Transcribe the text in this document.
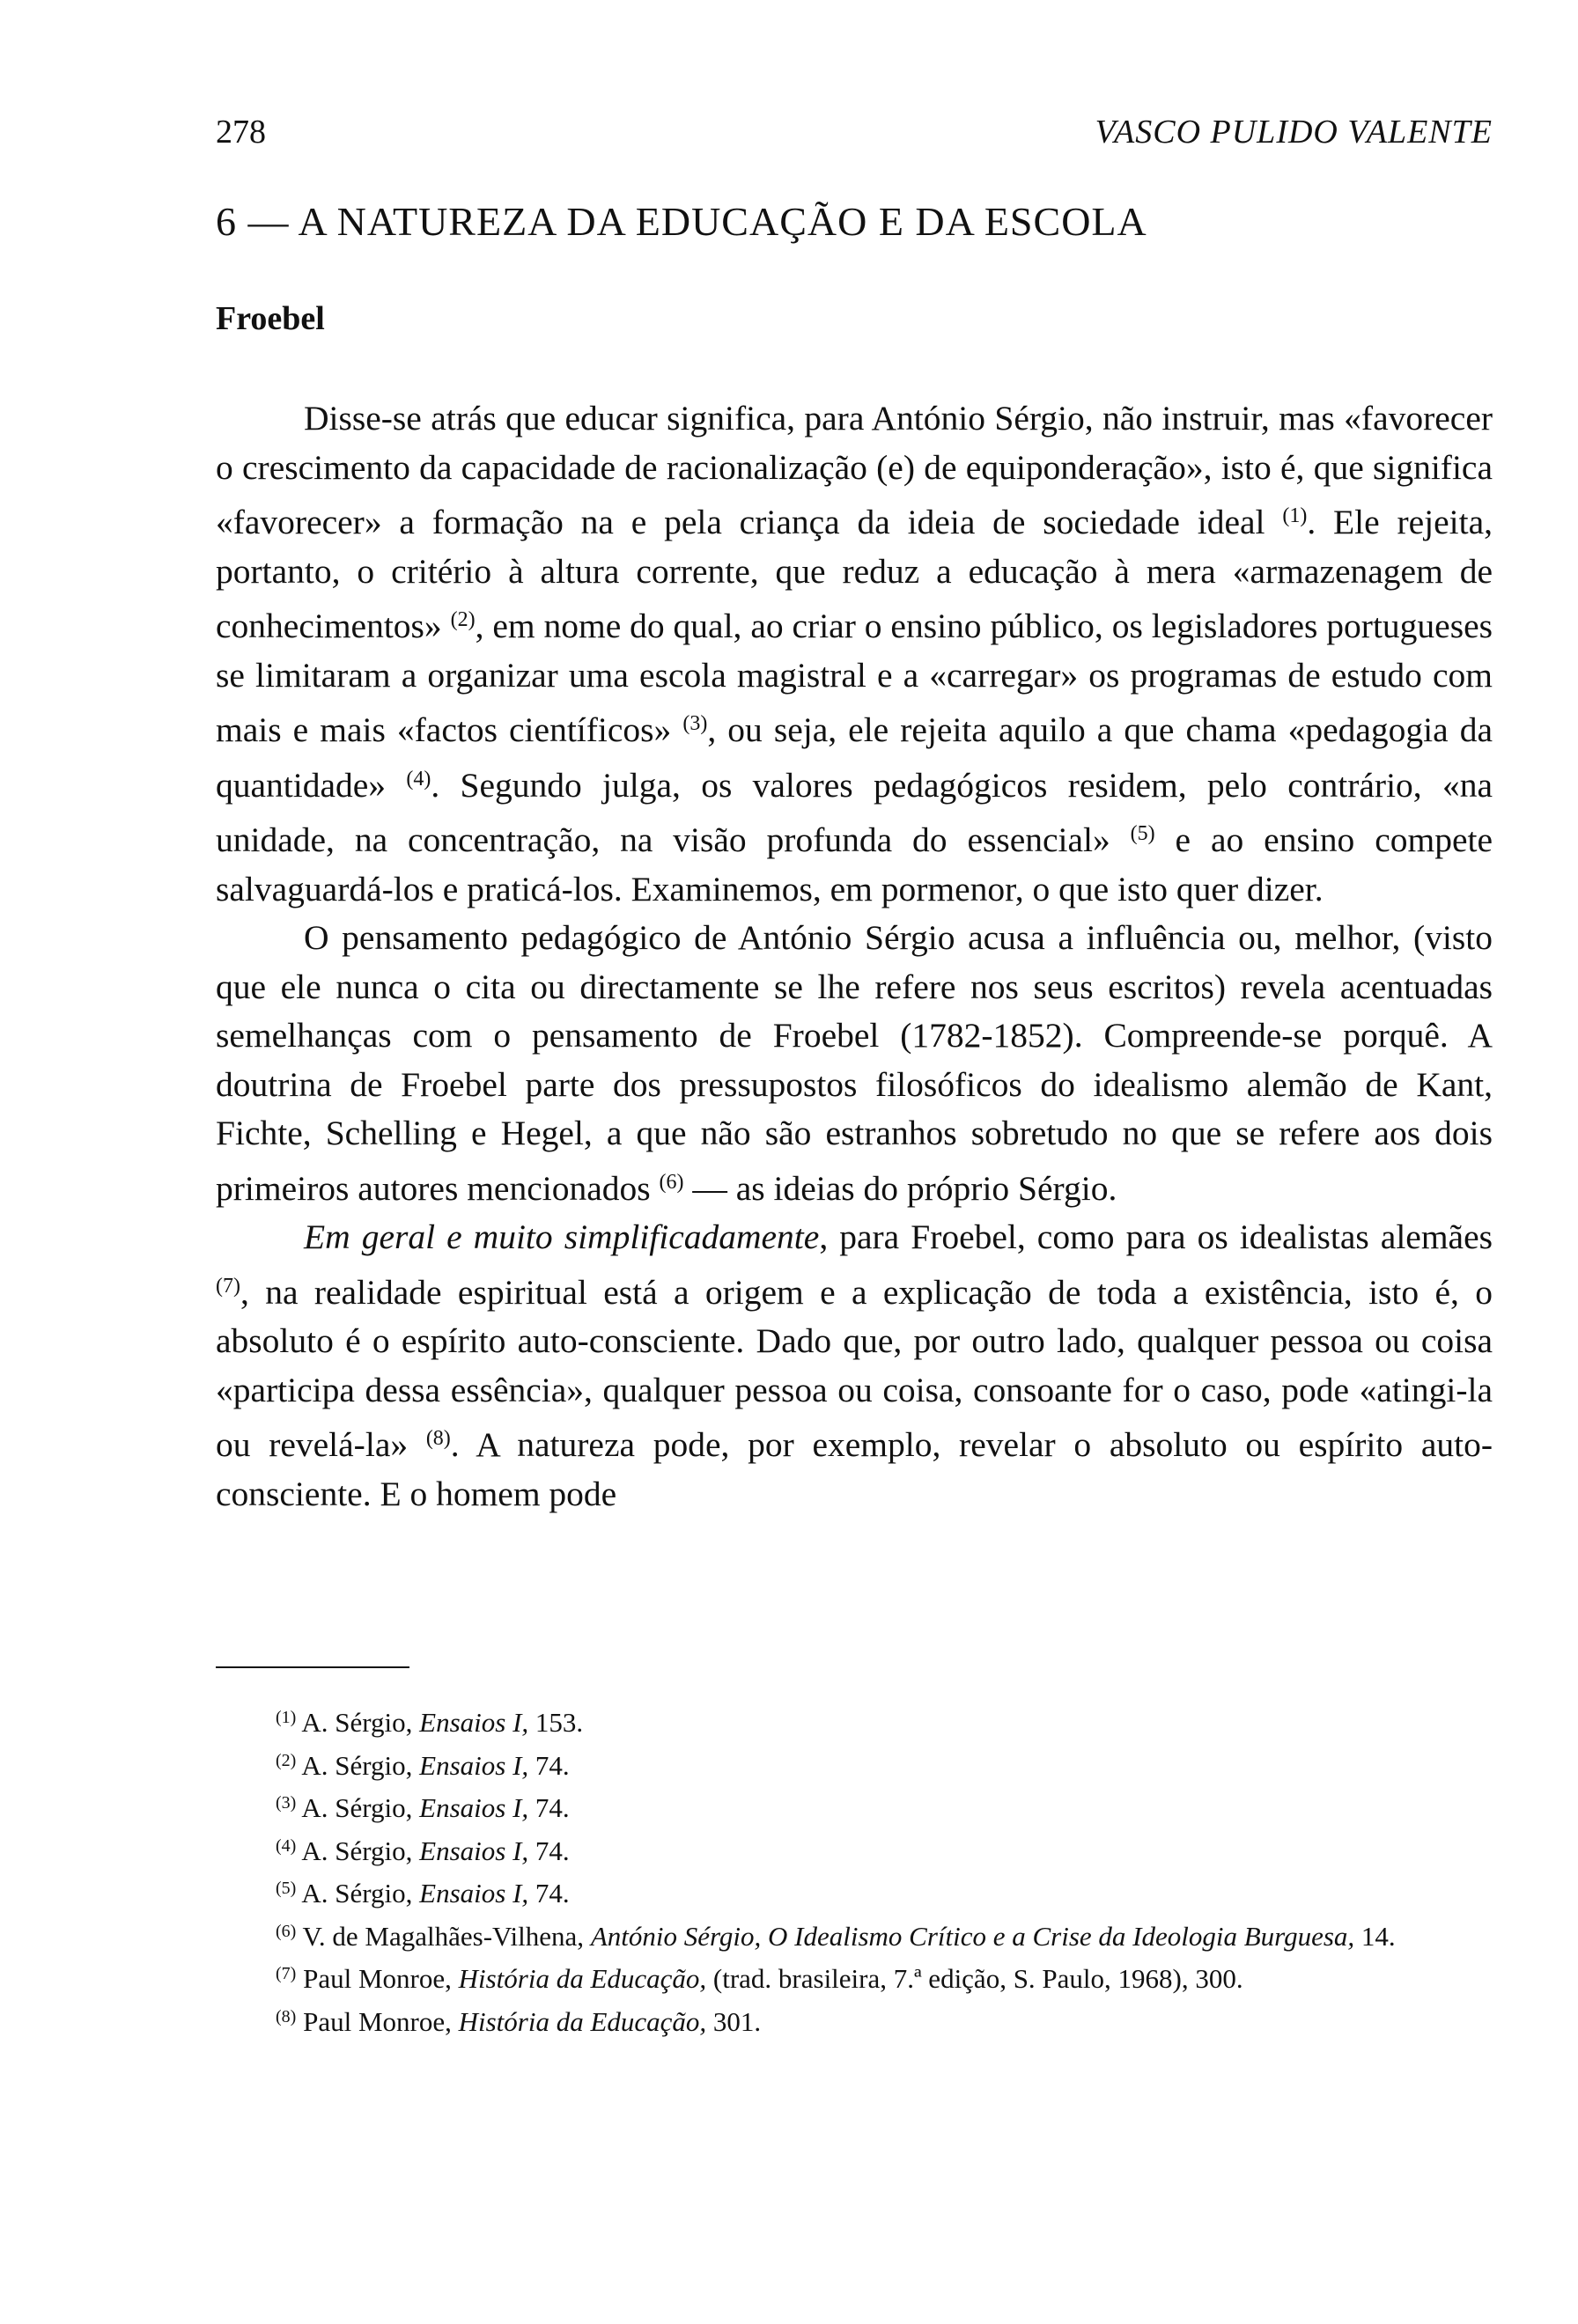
278	VASCO PULIDO VALENTE
6 — A NATUREZA DA EDUCAÇÃO E DA ESCOLA
Froebel

Disse-se atrás que educar significa, para António Sérgio, não instruir, mas «favorecer o crescimento da capacidade de racionalização (e) de equiponderação», isto é, que significa «favorecer» a formação na e pela criança da ideia de sociedade ideal $^{(1)}$. Ele rejeita, portanto, o critério à altura corrente, que reduz a educação à mera «armazenagem de conhecimentos» $^{(2)}$, em nome do qual, ao criar o ensino público, os legisladores portugueses se limitaram a organizar uma escola magistral e a «carregar» os programas de estudo com mais e mais «factos científicos» $^{(3)}$, ou seja, ele rejeita aquilo a que chama «pedagogia da quantidade» $^{(4)}$. Segundo julga, os valores pedagógicos residem, pelo contrário, «na unidade, na concentração, na visão profunda do essencial» $^{(5)}$ e ao ensino compete salvaguardá-los e praticá-los. Examinemos, em pormenor, o que isto quer dizer.

O pensamento pedagógico de António Sérgio acusa a influência ou, melhor, (visto que ele nunca o cita ou directamente se lhe refere nos seus escritos) revela acentuadas semelhanças com o pensamento de Froebel (1782-1852). Compreende-se porquê. A doutrina de Froebel parte dos pressupostos filosóficos do idealismo alemão de Kant, Fichte, Schelling e Hegel, a que não são estranhos sobretudo no que se refere aos dois primeiros autores mencionados $^{(6)}$ — as ideias do próprio Sérgio.

Em geral e muito simplificadamente, para Froebel, como para os idealistas alemães $^{(7)}$, na realidade espiritual está a origem e a explicação de toda a existência, isto é, o absoluto é o espírito auto-consciente. Dado que, por outro lado, qualquer pessoa ou coisa «participa dessa essência», qualquer pessoa ou coisa, consoante for o caso, pode «atingi-la ou revelá-la» $^{(8)}$. A natureza pode, por exemplo, revelar o absoluto ou espírito auto-consciente. E o homem pode

$^{(1)}$ A. Sérgio, Ensaios I, 153.

$^{(2)}$ A. Sérgio, Ensaios I, 74.

$^{(3)}$ A. Sérgio, Ensaios I, 74.

$^{(4)}$ A. Sérgio, Ensaios I, 74.

$^{(5)}$ A. Sérgio, Ensaios I, 74.

$^{(6)}$ V. de Magalhães-Vilhena, António Sérgio, O Idealismo Crítico e a Crise da Ideologia Burguesa, 14.

$^{(7)}$ Paul Monroe, História da Educação, (trad. brasileira, 7.ª edição, S. Paulo, 1968), 300.

$^{(8)}$ Paul Monroe, História da Educação, 301.
